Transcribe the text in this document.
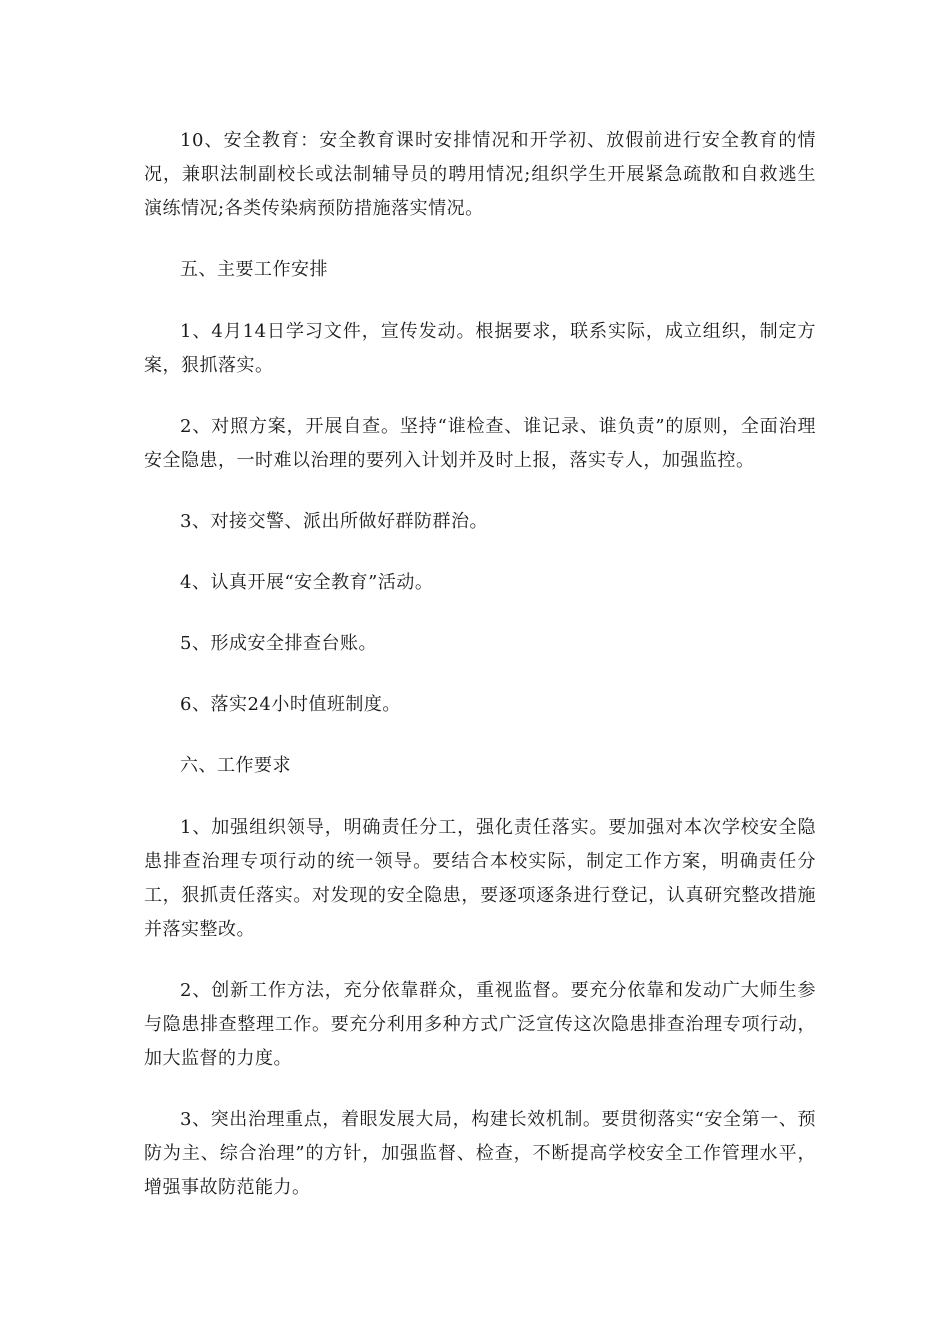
10、安全教育：安全教育课时安排情况和开学初、放假前进行安全教育的情况，兼职法制副校长或法制辅导员的聘用情况;组织学生开展紧急疏散和自救逃生演练情况;各类传染病预防措施落实情况。

五、主要工作安排

1、4月14日学习文件，宣传发动。根据要求，联系实际，成立组织，制定方案，狠抓落实。

2、对照方案，开展自查。坚持“谁检查、谁记录、谁负责”的原则，全面治理安全隐患，一时难以治理的要列入计划并及时上报，落实专人，加强监控。

3、对接交警、派出所做好群防群治。

4、认真开展“安全教育”活动。

5、形成安全排查台账。

6、落实24小时值班制度。

六、工作要求

1、加强组织领导，明确责任分工，强化责任落实。要加强对本次学校安全隐患排查治理专项行动的统一领导。要结合本校实际，制定工作方案，明确责任分工，狠抓责任落实。对发现的安全隐患，要逐项逐条进行登记，认真研究整改措施并落实整改。

2、创新工作方法，充分依靠群众，重视监督。要充分依靠和发动广大师生参与隐患排查整理工作。要充分利用多种方式广泛宣传这次隐患排查治理专项行动，加大监督的力度。

3、突出治理重点，着眼发展大局，构建长效机制。要贯彻落实“安全第一、预防为主、综合治理”的方针，加强监督、检查，不断提高学校安全工作管理水平，增强事故防范能力。
